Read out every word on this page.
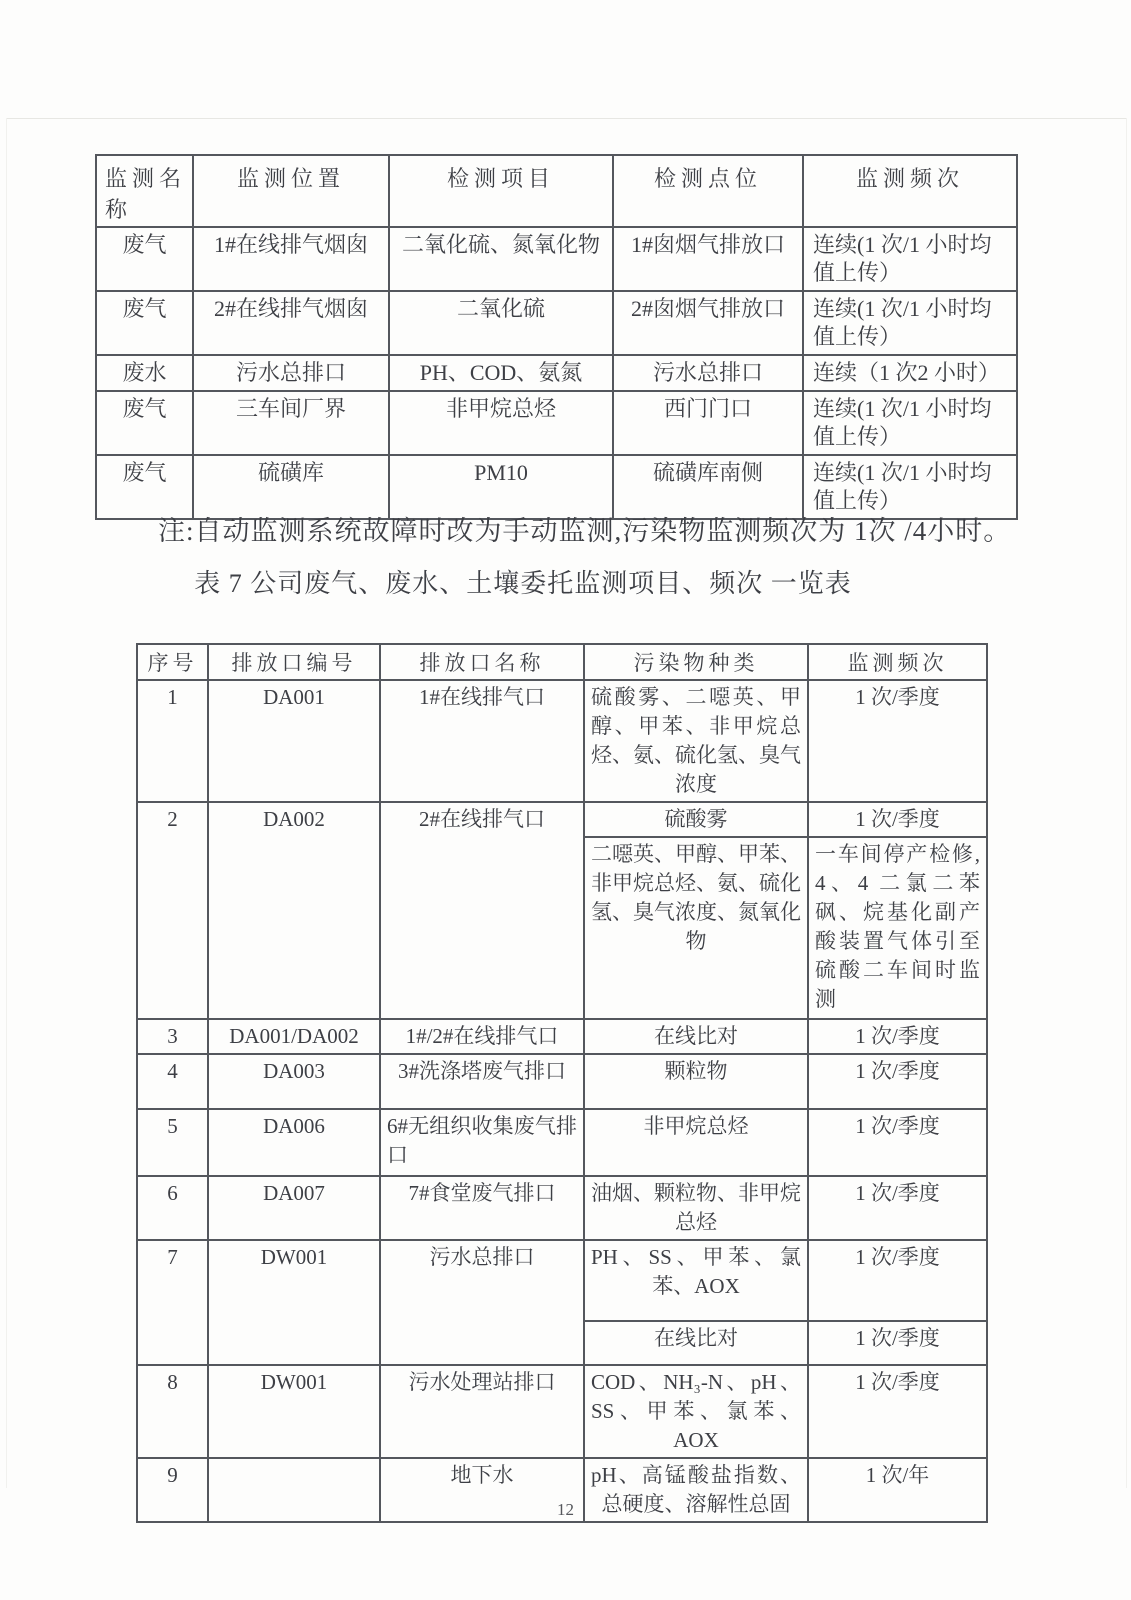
监测名称	监测位置	检测项目	检测点位	监测频次
废气	1#在线排气烟囱	二氧化硫、氮氧化物	1#囱烟气排放口	连续(1 次/1 小时均值上传）
废气	2#在线排气烟囱	二氧化硫	2#囱烟气排放口	连续(1 次/1 小时均值上传）
废水	污水总排口	PH、COD、氨氮	污水总排口	连续（1 次2 小时）
废气	三车间厂界	非甲烷总烃	西门门口	连续(1 次/1 小时均值上传）
废气	硫磺库	PM10	硫磺库南侧	连续(1 次/1 小时均值上传）
注:自动监测系统故障时改为手动监测,污染物监测频次为 1次 /4小时。
表 7 公司废气、废水、土壤委托监测项目、频次 一览表
序号	排放口编号	排放口名称	污染物种类	监测频次
1	DA001	1#在线排气口	硫酸雾、二噁英、甲醇、甲苯、非甲烷总烃、氨、硫化氢、臭气浓度	1 次/季度
2	DA002	2#在线排气口	硫酸雾	1 次/季度
			二噁英、甲醇、甲苯、非甲烷总烃、氨、硫化氢、臭气浓度、氮氧化物	一车间停产检修, 4、4 二氯二苯砜、烷基化副产酸装置气体引至硫酸二车间时监测
3	DA001/DA002	1#/2#在线排气口	在线比对	1 次/季度
4	DA003	3#洗涤塔废气排口	颗粒物	1 次/季度
5	DA006	6#无组织收集废气排口	非甲烷总烃	1 次/季度
6	DA007	7#食堂废气排口	油烟、颗粒物、非甲烷总烃	1 次/季度
7	DW001	污水总排口	PH、SS、甲苯、氯苯、AOX	1 次/季度
			在线比对	1 次/季度
8	DW001	污水处理站排口	COD、NH₃-N、pH、SS、甲苯、氯苯、AOX	1 次/季度
9		地下水	pH、高锰酸盐指数、总硬度、溶解性总固	1 次/年
12
